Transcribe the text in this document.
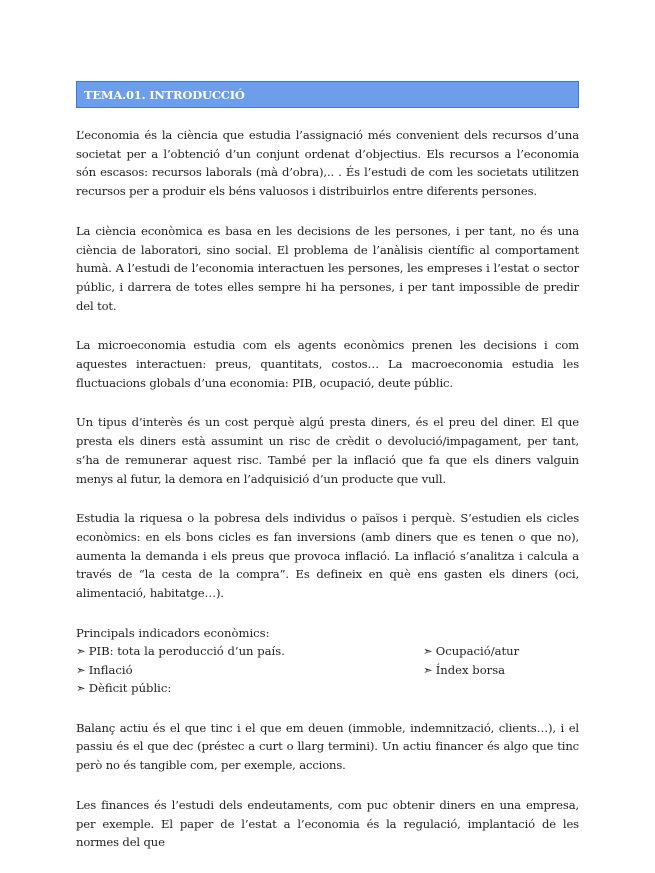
TEMA.01. INTRODUCCIÓ

L’economia és la ciència que estudia l’assignació més convenient dels recursos d’una societat per a l’obtenció d’un conjunt ordenat d’objectius. Els recursos a l’economia són escasos: recursos laborals (mà d’obra),.. . És l’estudi de com les societats utilitzen recursos per a produir els béns valuosos i distribuirlos entre diferents persones.

La ciència econòmica es basa en les decisions de les persones, i per tant, no és una ciència de laboratori, sino social. El problema de l’anàlisis científic al comportament humà. A l’estudi de l’economia interactuen les persones, les empreses i l’estat o sector públic, i darrera de totes elles sempre hi ha persones, i per tant impossible de predir del tot.

La microeconomia estudia com els agents econòmics prenen les decisions i com aquestes interactuen: preus, quantitats, costos… La macroeconomia estudia les fluctuacions globals d’una economia: PIB, ocupació, deute públic.

Un tipus d’interès és un cost perquè algú presta diners, és el preu del diner. El que presta els diners està assumint un risc de crèdit o devolució/impagament, per tant, s’ha de remunerar aquest risc. També per la inflació que fa que els diners valguin menys al futur, la demora en l’adquisició d’un producte que vull.

Estudia la riquesa o la pobresa dels individus o països i perquè. S’estudien els cicles econòmics: en els bons cicles es fan inversions (amb diners que es tenen o que no), aumenta la demanda i els preus que provoca inflació. La inflació s’analitza i calcula a través de “la cesta de la compra”. Es defineix en què ens gasten els diners (oci, alimentació, habitatge…).

Principals indicadors econòmics:
➣ PIB: tota la peroducció d’un país.	➣ Ocupació/atur
➣ Inflació	➣ Índex borsa
➣ Dèficit públic:

Balanç actiu és el que tinc i el que em deuen (immoble, indemnització, clients…), i el passiu és el que dec (préstec a curt o llarg termini). Un actiu financer és algo que tinc però no és tangible com, per exemple, accions.

Les finances és l’estudi dels endeutaments, com puc obtenir diners en una empresa, per exemple. El paper de l’estat a l’economia és la regulació, implantació de les normes del que
